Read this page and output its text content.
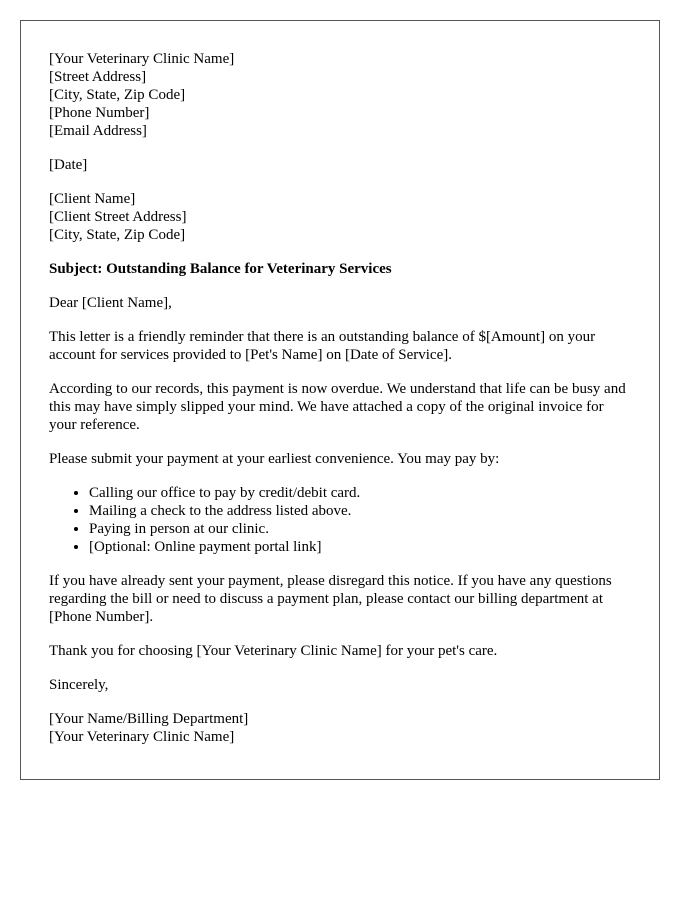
[Your Veterinary Clinic Name]
[Street Address]
[City, State, Zip Code]
[Phone Number]
[Email Address]
[Date]
[Client Name]
[Client Street Address]
[City, State, Zip Code]

Subject: Outstanding Balance for Veterinary Services

Dear [Client Name],

This letter is a friendly reminder that there is an outstanding balance of $[Amount] on your account for services provided to [Pet's Name] on [Date of Service].

According to our records, this payment is now overdue. We understand that life can be busy and this may have simply slipped your mind. We have attached a copy of the original invoice for your reference.

Please submit your payment at your earliest convenience. You may pay by:

• Calling our office to pay by credit/debit card.
• Mailing a check to the address listed above.
• Paying in person at our clinic.
• [Optional: Online payment portal link]

If you have already sent your payment, please disregard this notice. If you have any questions regarding the bill or need to discuss a payment plan, please contact our billing department at [Phone Number].

Thank you for choosing [Your Veterinary Clinic Name] for your pet's care.

Sincerely,

[Your Name/Billing Department]
[Your Veterinary Clinic Name]
